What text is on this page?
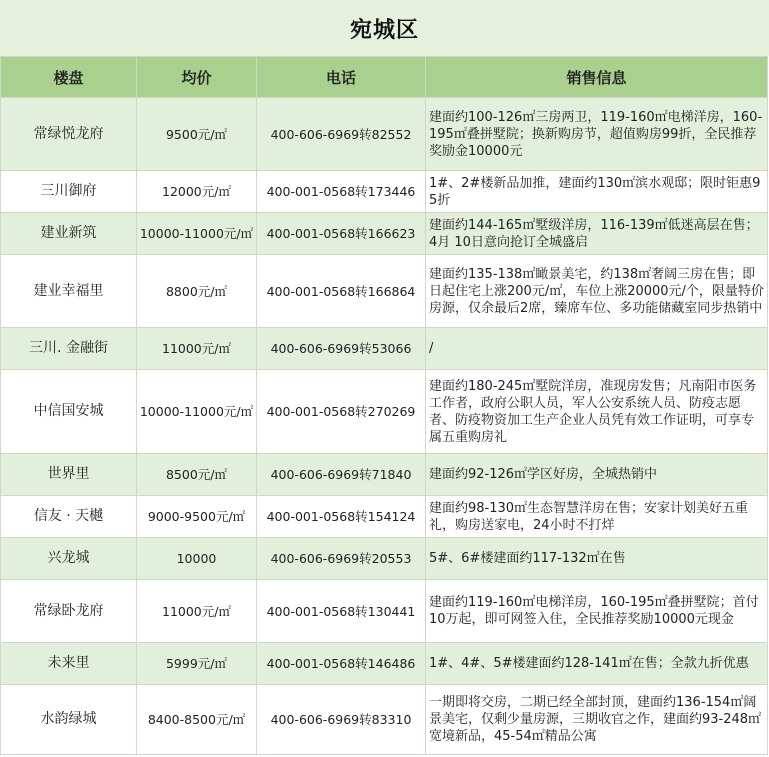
宛城区
楼盘	均价	电话	销售信息
常绿悦龙府	9500元/㎡	400-606-6969转82552	建面约100-126㎡三房两卫，119-160㎡电梯洋房，160-195㎡叠拼墅院；换新购房节，超值购房99折，全民推荐奖励金10000元
三川御府	12000元/㎡	400-001-0568转173446	1#、2#楼新品加推，建面约130㎡滨水观邸；限时钜惠95折
建业新筑	10000-11000元/㎡	400-001-0568转166623	建面约144-165㎡墅级洋房，116-139㎡低迷高层在售；4月 10日意向抢订全城盛启
建业幸福里	8800元/㎡	400-001-0568转166864	建面约135-138㎡瞰景美宅，约138㎡奢阔三房在售；即日起住宅上涨200元/㎡，车位上涨20000元/个，限量特价房源，仅余最后2席，臻席车位、多功能储藏室同步热销中
三川. 金融街	11000元/㎡	400-606-6969转53066	/
中信国安城	10000-11000元/㎡	400-001-0568转270269	建面约180-245㎡墅院洋房，准现房发售；凡南阳市医务工作者，政府公职人员，军人公安系统人员、防疫志愿者、防疫物资加工生产企业人员凭有效工作证明，可享专属五重购房礼
世界里	8500元/㎡	400-606-6969转71840	建面约92-126㎡学区好房，全城热销中
信友 · 天樾	9000-9500元/㎡	400-001-0568转154124	建面约98-130㎡生态智慧洋房在售；安家计划美好五重礼，购房送家电，24小时不打烊
兴龙城	10000	400-606-6969转20553	5#、6#楼建面约117-132㎡在售
常绿卧龙府	11000元/㎡	400-001-0568转130441	建面约119-160㎡电梯洋房，160-195㎡叠拼墅院；首付10万起，即可网签入住，全民推荐奖励10000元现金
未来里	5999元/㎡	400-001-0568转146486	1#、4#、5#楼建面约128-141㎡在售；全款九折优惠
水韵绿城	8400-8500元/㎡	400-606-6969转83310	一期即将交房，二期已经全部封顶，建面约136-154㎡阔景美宅，仅剩少量房源，三期收官之作，建面约93-248㎡宽境新品，45-54㎡精品公寓
